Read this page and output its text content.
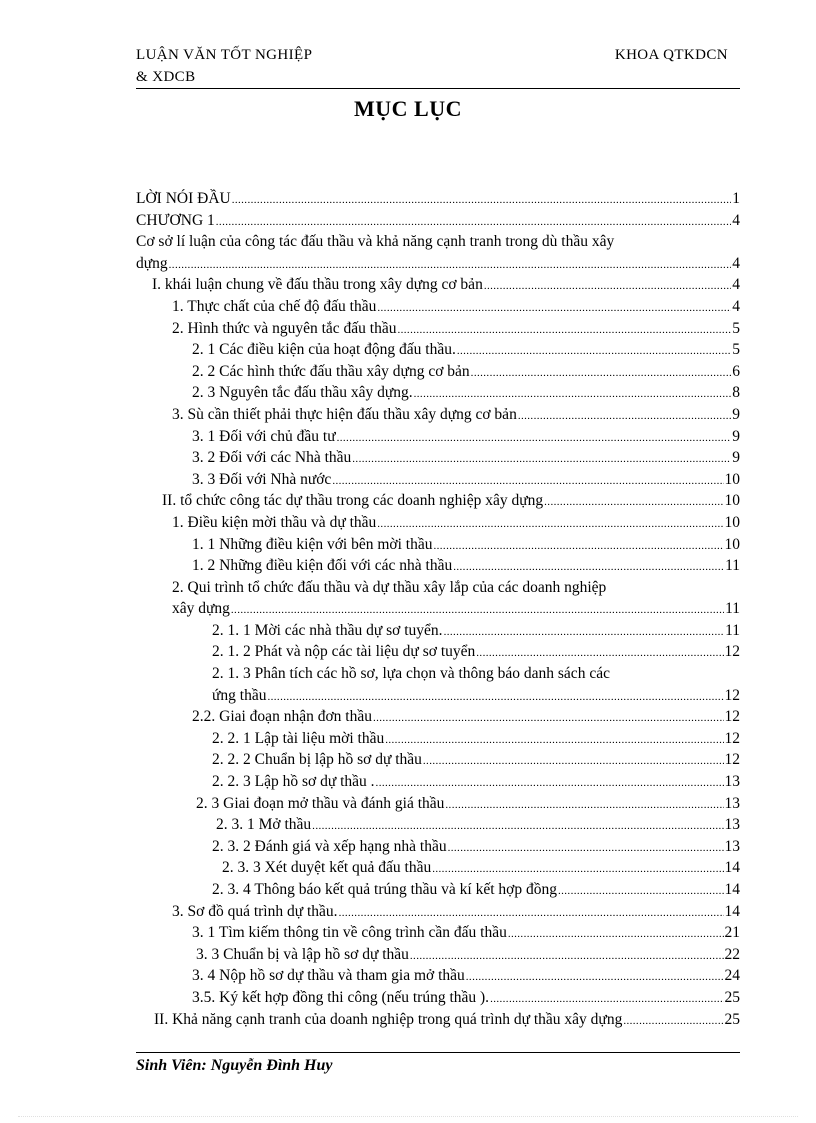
LUẬN VĂN TỐT NGHIỆP
& XDCB
KHOA QTKDCN
MỤC LỤC
LỜI NÓI ĐẦU .....	1
CHƯƠNG 1 .....	4
Cơ sở lí luận của công tác đấu thầu và khả năng cạnh tranh trong dù thầu xây
dựng .....	4
I. khái luận chung về đấu thầu trong xây dựng cơ bản .....	4
1. Thực chất của chế độ đấu thầu .....	4
2. Hình thức và nguyên tắc đấu thầu .....	5
2. 1 Các điều kiện của hoạt động đấu thầu. .....	5
2. 2 Các hình thức đấu thầu xây dựng cơ bản .....	6
2. 3 Nguyên tắc đấu thầu xây dựng. .....	8
3. Sù cần thiết phải thực hiện đấu thầu xây dựng cơ bản .....	9
3. 1 Đối với chủ đầu tư .....	9
3. 2 Đối với các Nhà thầu .....	9
3. 3 Đối với Nhà nước .....	10
II. tổ chức công tác dự thầu trong các doanh nghiệp xây dựng .....	10
1. Điều kiện mời thầu và dự thầu .....	10
1. 1 Những điều kiện với bên mời thầu .....	10
1. 2 Những điều kiện đối với các nhà thầu .....	11
2. Qui trình tổ chức đấu thầu và dự thầu xây lắp của các doanh nghiệp
xây dựng .....	11
2. 1. 1 Mời các nhà thầu dự sơ tuyển. .....	11
2. 1. 2 Phát và nộp các tài liệu dự sơ tuyển .....	12
2. 1. 3 Phân tích các hồ sơ, lựa chọn và thông báo danh sách các
ứng thầu .....	12
2.2. Giai đoạn nhận đơn thầu .....	12
2. 2. 1 Lập tài liệu mời thầu .....	12
2. 2. 2 Chuẩn bị lập hồ sơ dự thầu .....	12
2. 2. 3 Lập hồ sơ dự thầu . .....	13
2. 3 Giai đoạn mở thầu và đánh giá thầu .....	13
2. 3. 1 Mở thầu .....	13
2. 3. 2 Đánh giá và xếp hạng nhà thầu .....	13
2. 3. 3 Xét duyệt kết quả đấu thầu .....	14
2. 3. 4 Thông báo kết quả trúng thầu và kí kết hợp đồng .....	14
3. Sơ đồ quá trình dự thầu. .....	14
3. 1 Tìm kiếm thông tin về công trình cần đấu thầu .....	21
3. 3 Chuẩn bị và lập hồ sơ dự thầu .....	22
3. 4 Nộp hồ sơ dự thầu và tham gia mở thầu .....	24
3.5. Ký kết hợp đồng thi công (nếu trúng thầu ). .....	25
II. Khả năng cạnh tranh của doanh nghiệp trong quá trình dự thầu xây dựng .....	25
Sinh Viên: Nguyễn Đình Huy
